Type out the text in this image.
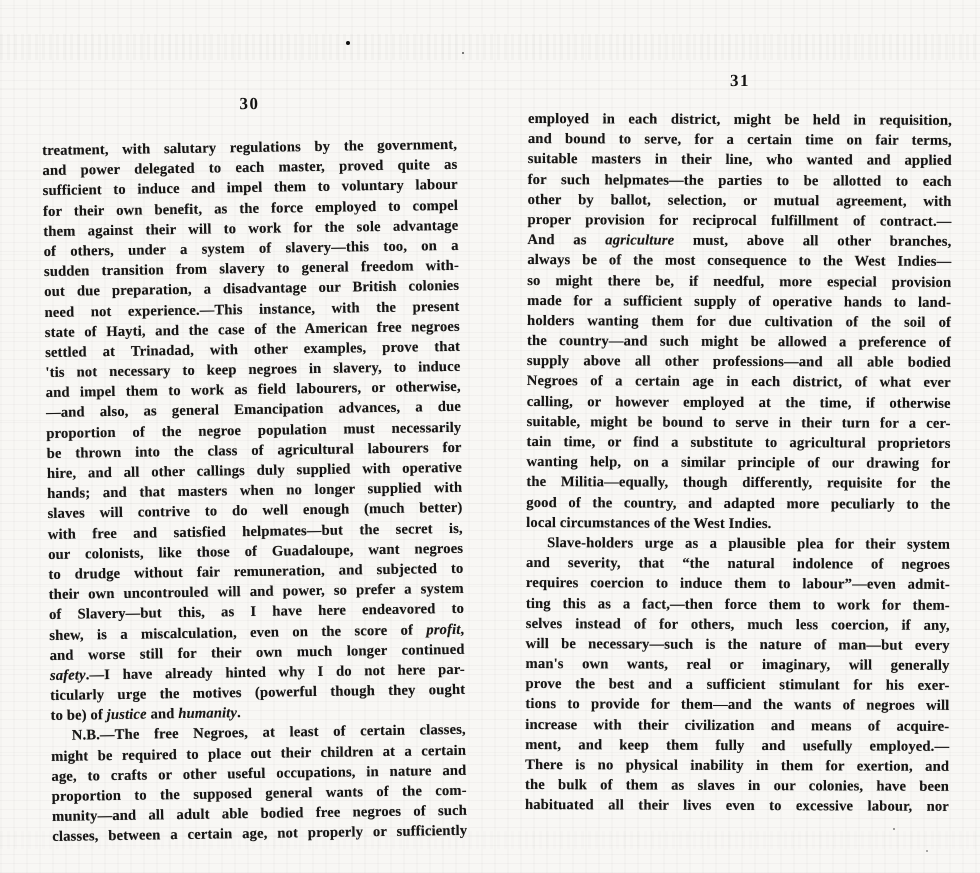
30
treatment, with salutary regulations by the government,
and power delegated to each master, proved quite as
sufficient to induce and impel them to voluntary labour
for their own benefit, as the force employed to compel
them against their will to work for the sole advantage
of others, under a system of slavery—this too, on a
sudden transition from slavery to general freedom with-
out due preparation, a disadvantage our British colonies
need not experience.—This instance, with the present
state of Hayti, and the case of the American free negroes
settled at Trinadad, with other examples, prove that
'tis not necessary to keep negroes in slavery, to induce
and impel them to work as field labourers, or otherwise,
—and also, as general Emancipation advances, a due
proportion of the negroe population must necessarily
be thrown into the class of agricultural labourers for
hire, and all other callings duly supplied with operative
hands; and that masters when no longer supplied with
slaves will contrive to do well enough (much better)
with free and satisfied helpmates—but the secret is,
our colonists, like those of Guadaloupe, want negroes
to drudge without fair remuneration, and subjected to
their own uncontrouled will and power, so prefer a system
of Slavery—but this, as I have here endeavored to
shew, is a miscalculation, even on the score of profit,
and worse still for their own much longer continued
safety.—I have already hinted why I do not here par-
ticularly urge the motives (powerful though they ought
to be) of justice and humanity.
N.B.—The free Negroes, at least of certain classes,
might be required to place out their children at a certain
age, to crafts or other useful occupations, in nature and
proportion to the supposed general wants of the com-
munity—and all adult able bodied free negroes of such
classes, between a certain age, not properly or sufficiently
31
employed in each district, might be held in requisition,
and bound to serve, for a certain time on fair terms,
suitable masters in their line, who wanted and applied
for such helpmates—the parties to be allotted to each
other by ballot, selection, or mutual agreement, with
proper provision for reciprocal fulfillment of contract.—
And as agriculture must, above all other branches,
always be of the most consequence to the West Indies—
so might there be, if needful, more especial provision
made for a sufficient supply of operative hands to land-
holders wanting them for due cultivation of the soil of
the country—and such might be allowed a preference of
supply above all other professions—and all able bodied
Negroes of a certain age in each district, of what ever
calling, or however employed at the time, if otherwise
suitable, might be bound to serve in their turn for a cer-
tain time, or find a substitute to agricultural proprietors
wanting help, on a similar principle of our drawing for
the Militia—equally, though differently, requisite for the
good of the country, and adapted more peculiarly to the
local circumstances of the West Indies.
Slave-holders urge as a plausible plea for their system
and severity, that “the natural indolence of negroes
requires coercion to induce them to labour”—even admit-
ting this as a fact,—then force them to work for them-
selves instead of for others, much less coercion, if any,
will be necessary—such is the nature of man—but every
man's own wants, real or imaginary, will generally
prove the best and a sufficient stimulant for his exer-
tions to provide for them—and the wants of negroes will
increase with their civilization and means of acquire-
ment, and keep them fully and usefully employed.—
There is no physical inability in them for exertion, and
the bulk of them as slaves in our colonies, have been
habituated all their lives even to excessive labour, nor
